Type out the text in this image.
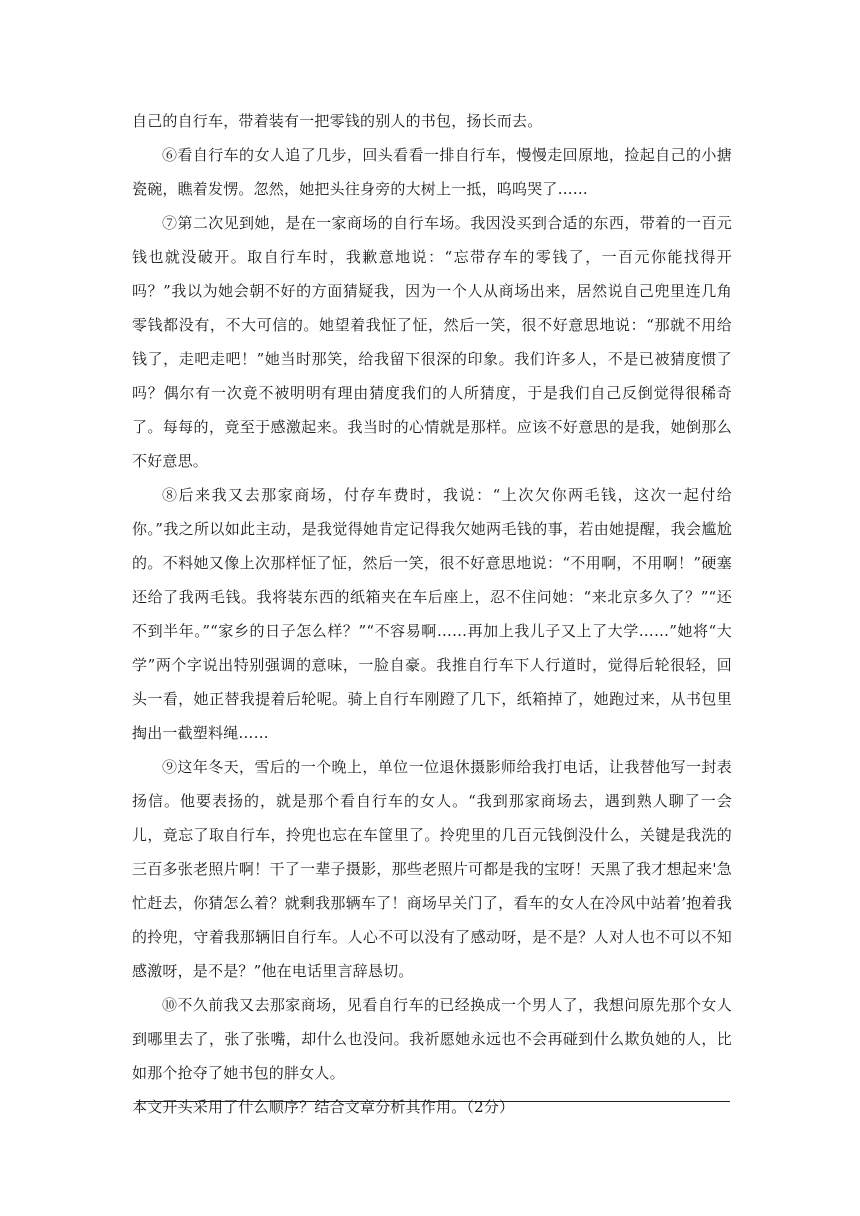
自己的自行车，带着装有一把零钱的别人的书包，扬长而去。

⑥看自行车的女人追了几步，回头看看一排自行车，慢慢走回原地，捡起自己的小搪瓷碗，瞧着发愣。忽然，她把头往身旁的大树上一抵，呜呜哭了……

⑦第二次见到她，是在一家商场的自行车场。我因没买到合适的东西，带着的一百元钱也就没破开。取自行车时，我歉意地说：“忘带存车的零钱了，一百元你能找得开吗？”我以为她会朝不好的方面猜疑我，因为一个人从商场出来，居然说自己兜里连几角零钱都没有，不大可信的。她望着我怔了怔，然后一笑，很不好意思地说：“那就不用给钱了，走吧走吧！”她当时那笑，给我留下很深的印象。我们许多人，不是已被猜度惯了吗？偶尔有一次竟不被明明有理由猜度我们的人所猜度，于是我们自己反倒觉得很稀奇了。每每的，竟至于感激起来。我当时的心情就是那样。应该不好意思的是我，她倒那么不好意思。

⑧后来我又去那家商场，付存车费时，我说：“上次欠你两毛钱，这次一起付给你。”我之所以如此主动，是我觉得她肯定记得我欠她两毛钱的事，若由她提醒，我会尴尬的。不料她又像上次那样怔了怔，然后一笑，很不好意思地说：“不用啊，不用啊！”硬塞还给了我两毛钱。我将装东西的纸箱夹在车后座上，忍不住问她：“来北京多久了？”“还不到半年。”“家乡的日子怎么样？”“不容易啊……再加上我儿子又上了大学……”她将“大学”两个字说出特别强调的意味，一脸自豪。我推自行车下人行道时，觉得后轮很轻，回头一看，她正替我提着后轮呢。骑上自行车刚蹬了几下，纸箱掉了，她跑过来，从书包里掏出一截塑料绳……

⑨这年冬天，雪后的一个晚上，单位一位退休摄影师给我打电话，让我替他写一封表扬信。他要表扬的，就是那个看自行车的女人。“我到那家商场去，遇到熟人聊了一会儿，竟忘了取自行车，拎兜也忘在车筐里了。拎兜里的几百元钱倒没什么，关键是我洗的三百多张老照片啊！干了一辈子摄影，那些老照片可都是我的宝呀！天黑了我才想起来'急忙赶去，你猜怎么着？就剩我那辆车了！商场早关门了，看车的女人在冷风中站着’抱着我的拎兜，守着我那辆旧自行车。人心不可以没有了感动呀，是不是？人对人也不可以不知感激呀，是不是？”他在电话里言辞恳切。

⑩不久前我又去那家商场，见看自行车的已经换成一个男人了，我想问原先那个女人到哪里去了，张了张嘴，却什么也没问。我祈愿她永远也不会再碰到什么欺负她的人，比如那个抢夺了她书包的胖女人。

本文开头采用了什么顺序？结合文章分析其作用。（2分）
